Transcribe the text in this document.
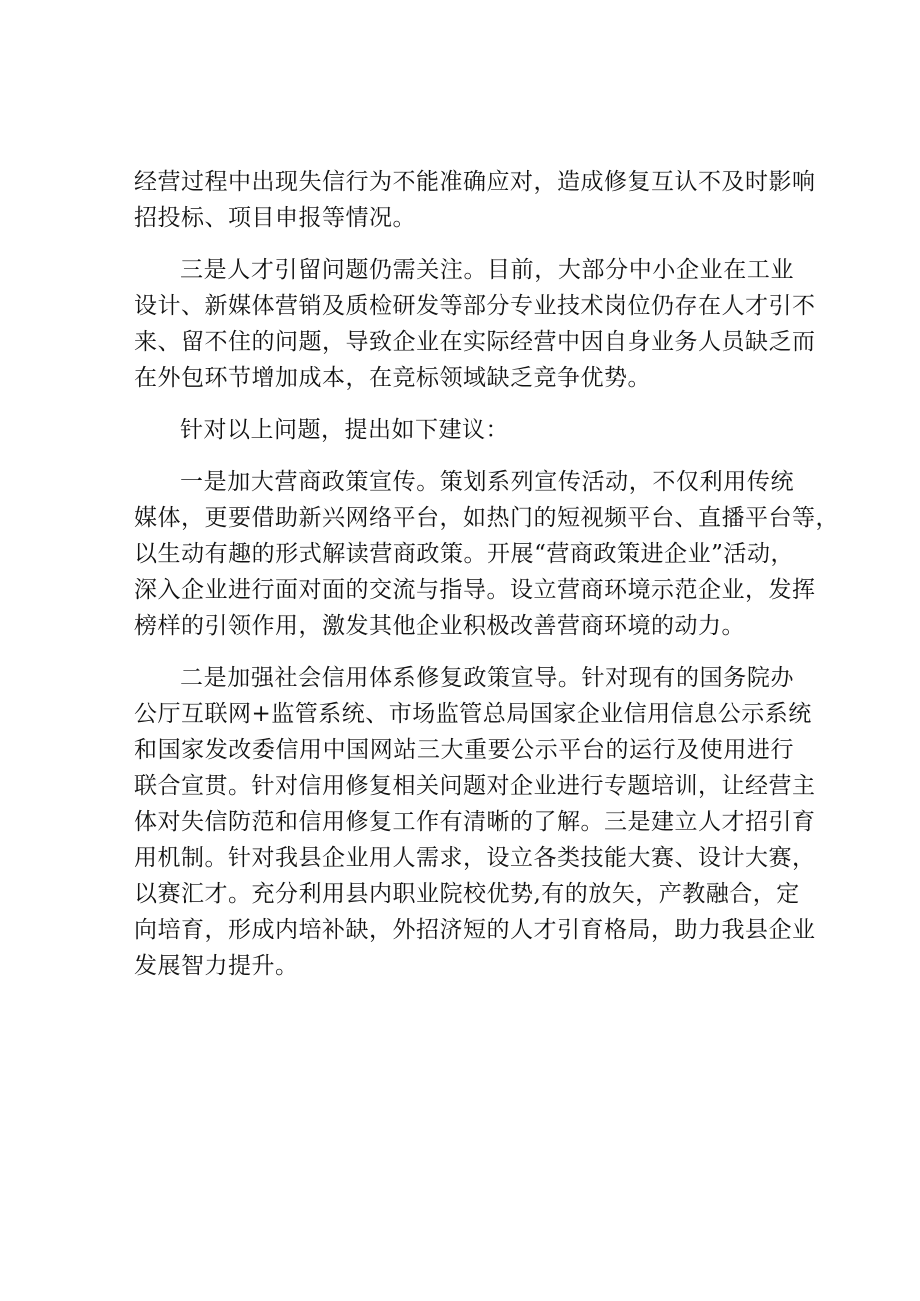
经营过程中出现失信行为不能准确应对，造成修复互认不及时影响
招投标、项目申报等情况。
三是人才引留问题仍需关注。目前，大部分中小企业在工业
设计、新媒体营销及质检研发等部分专业技术岗位仍存在人才引不
来、留不住的问题，导致企业在实际经营中因自身业务人员缺乏而
在外包环节增加成本，在竞标领域缺乏竞争优势。
针对以上问题，提出如下建议：
一是加大营商政策宣传。策划系列宣传活动，不仅利用传统
媒体，更要借助新兴网络平台，如热门的短视频平台、直播平台等，
以生动有趣的形式解读营商政策。开展“营商政策进企业”活动，
深入企业进行面对面的交流与指导。设立营商环境示范企业，发挥
榜样的引领作用，激发其他企业积极改善营商环境的动力。
二是加强社会信用体系修复政策宣导。针对现有的国务院办
公厅互联网+监管系统、市场监管总局国家企业信用信息公示系统
和国家发改委信用中国网站三大重要公示平台的运行及使用进行
联合宣贯。针对信用修复相关问题对企业进行专题培训，让经营主
体对失信防范和信用修复工作有清晰的了解。三是建立人才招引育
用机制。针对我县企业用人需求，设立各类技能大赛、设计大赛，
以赛汇才。充分利用县内职业院校优势,有的放矢，产教融合，定
向培育，形成内培补缺，外招济短的人才引育格局，助力我县企业
发展智力提升。
